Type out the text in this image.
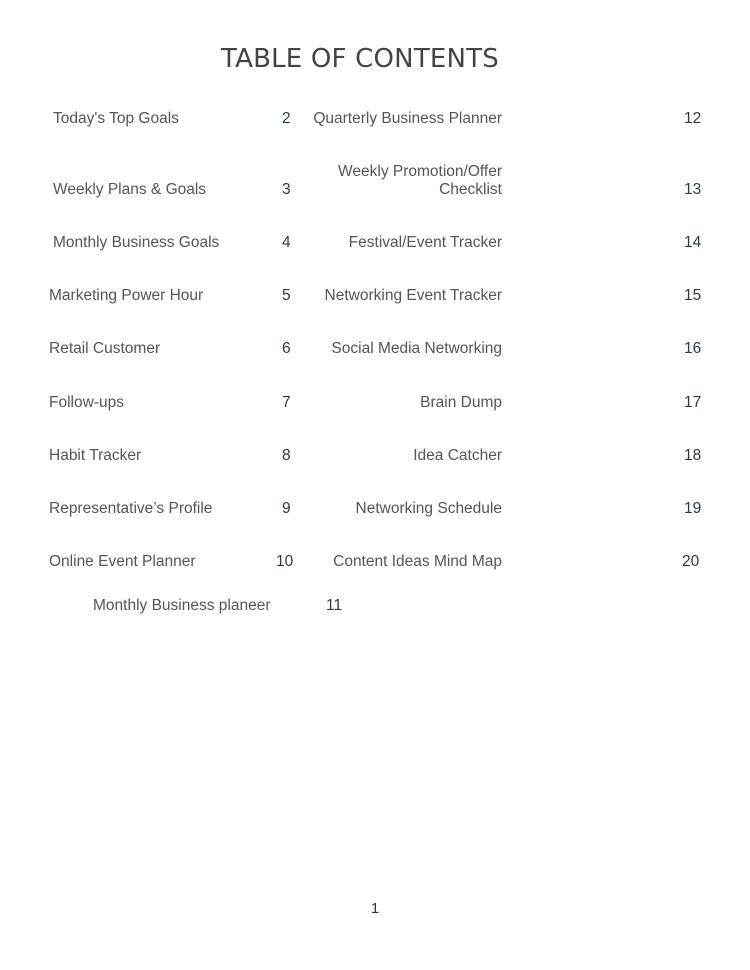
TABLE OF CONTENTS
Today's Top Goals	2
Weekly Plans & Goals	3
Monthly Business Goals	4
Marketing Power Hour	5
Retail Customer	6
Follow-ups	7
Habit Tracker	8
Representative’s Profile	9
Online Event Planner	10
Monthly Business planeer	11
Quarterly Business Planner	12
Weekly Promotion/Offer
Checklist	13
Festival/Event Tracker	14
Networking Event Tracker	15
Social Media Networking	16
Brain Dump	17
Idea Catcher	18
Networking Schedule	19
Content Ideas Mind Map	20
1
